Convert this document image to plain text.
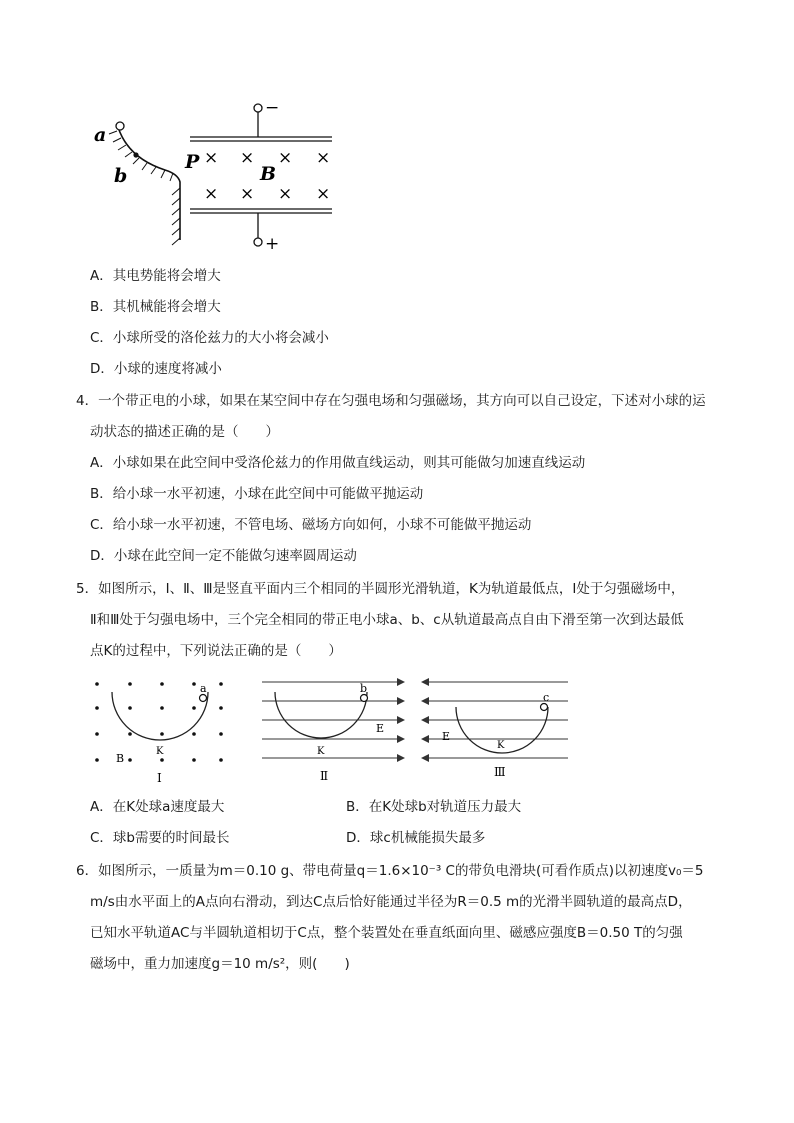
a
b
P
B
−
+
× × × ×
× × × ×
A．其电势能将会增大
B．其机械能将会增大
C．小球所受的洛伦兹力的大小将会减小
D．小球的速度将减小
4．一个带正电的小球，如果在某空间中存在匀强电场和匀强磁场，其方向可以自己设定，下述对小球的运
动状态的描述正确的是（　　）
A．小球如果在此空间中受洛伦兹力的作用做直线运动，则其可能做匀加速直线运动
B．给小球一水平初速，小球在此空间中可能做平抛运动
C．给小球一水平初速，不管电场、磁场方向如何，小球不可能做平抛运动
D．小球在此空间一定不能做匀速率圆周运动
5．如图所示，Ⅰ、Ⅱ、Ⅲ是竖直平面内三个相同的半圆形光滑轨道，K为轨道最低点，Ⅰ处于匀强磁场中，
Ⅱ和Ⅲ处于匀强电场中，三个完全相同的带正电小球a、b、c从轨道最高点自由下滑至第一次到达最低
点K的过程中，下列说法正确的是（　　）
a
K
B
Ⅰ
b
K
E
Ⅱ
c
K
E
Ⅲ
A．在K处球a速度最大	B．在K处球b对轨道压力最大
C．球b需要的时间最长	D．球c机械能损失最多
6．如图所示，一质量为m＝0.10 g、带电荷量q＝1.6×10⁻³ C的带负电滑块(可看作质点)以初速度v₀＝5
m/s由水平面上的A点向右滑动，到达C点后恰好能通过半径为R＝0.5 m的光滑半圆轨道的最高点D，
已知水平轨道AC与半圆轨道相切于C点，整个装置处在垂直纸面向里、磁感应强度B＝0.50 T的匀强
磁场中，重力加速度g＝10 m/s²，则(　　)
